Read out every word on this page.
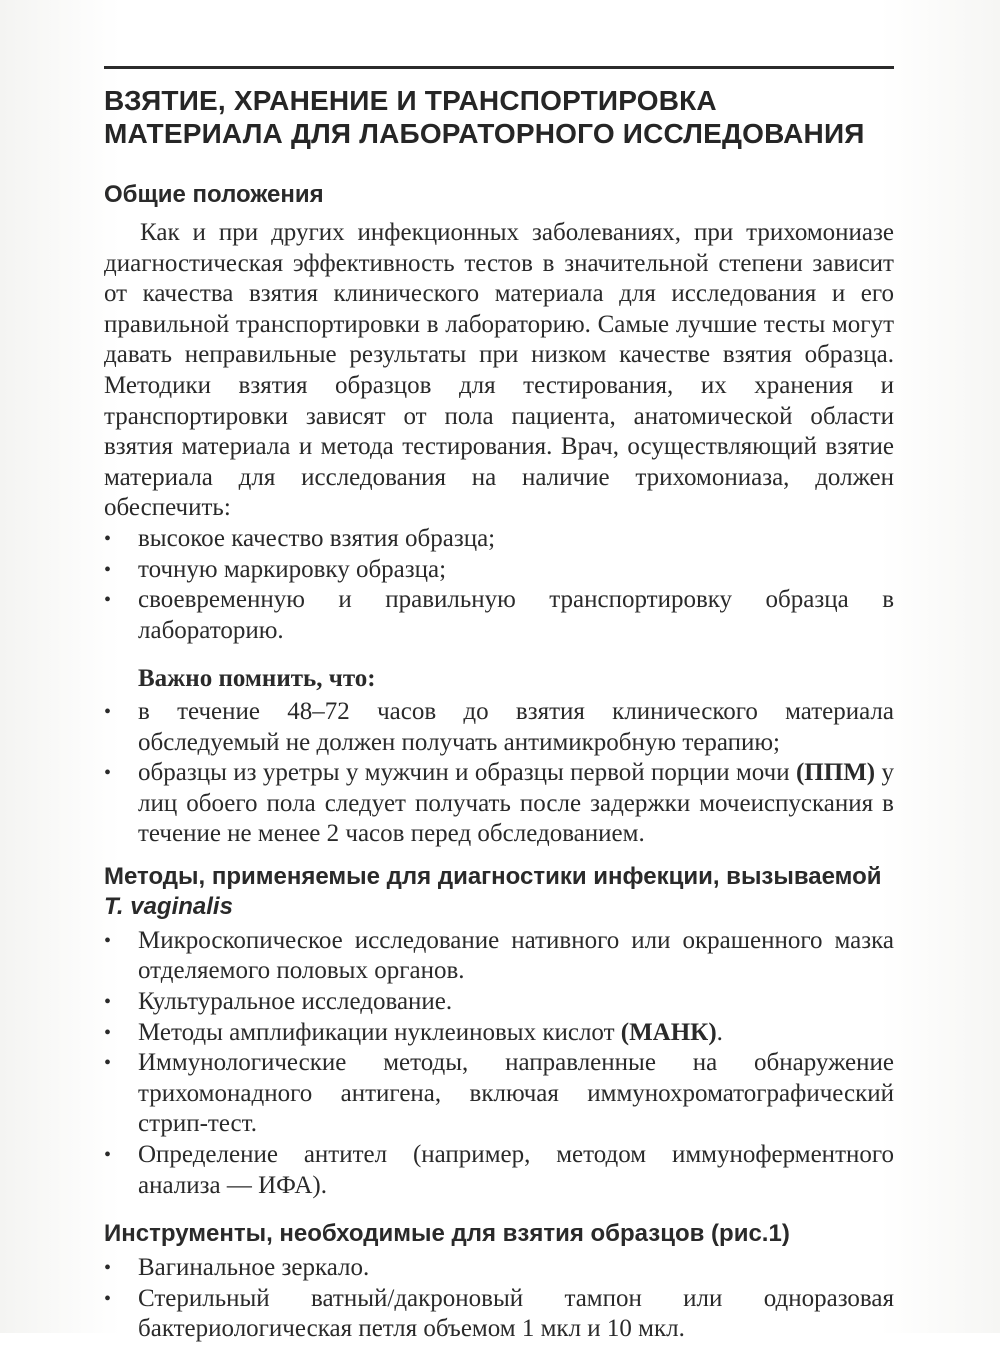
ВЗЯТИЕ, ХРАНЕНИЕ И ТРАНСПОРТИРОВКА МАТЕРИАЛА ДЛЯ ЛАБОРАТОРНОГО ИССЛЕДОВАНИЯ
Общие положения

Как и при других инфекционных заболеваниях, при трихомониазе диагностическая эффективность тестов в значительной степени зависит от качества взятия клинического материала для исследования и его правильной транспортировки в лабораторию. Самые лучшие тесты могут давать неправильные результаты при низком качестве взятия образца. Методики взятия образцов для тестирования, их хранения и транспортировки зависят от пола пациента, анатомической области взятия материала и метода тестирования. Врач, осуществляющий взятие материала для исследования на наличие трихомониаза, должен обеспечить:

• высокое качество взятия образца;
• точную маркировку образца;
• своевременную и правильную транспортировку образца в лабораторию.

Важно помнить, что:

• в течение 48–72 часов до взятия клинического материала обследуемый не должен получать антимикробную терапию;
• образцы из уретры у мужчин и образцы первой порции мочи (ППМ) у лиц обоего пола следует получать после задержки мочеиспускания в течение не менее 2 часов перед обследованием.
Методы, применяемые для диагностики инфекции, вызываемой T. vaginalis
• Микроскопическое исследование нативного или окрашенного мазка отделяемого половых органов.
• Культуральное исследование.
• Методы амплификации нуклеиновых кислот (МАНК).
• Иммунологические методы, направленные на обнаружение трихомонадного антигена, включая иммунохроматографический стрип-тест.
• Определение антител (например, методом иммуноферментного анализа — ИФА).
Инструменты, необходимые для взятия образцов (рис.1)
• Вагинальное зеркало.
• Стерильный ватный/дакроновый тампон или одноразовая бактериологическая петля объемом 1 мкл и 10 мкл.
